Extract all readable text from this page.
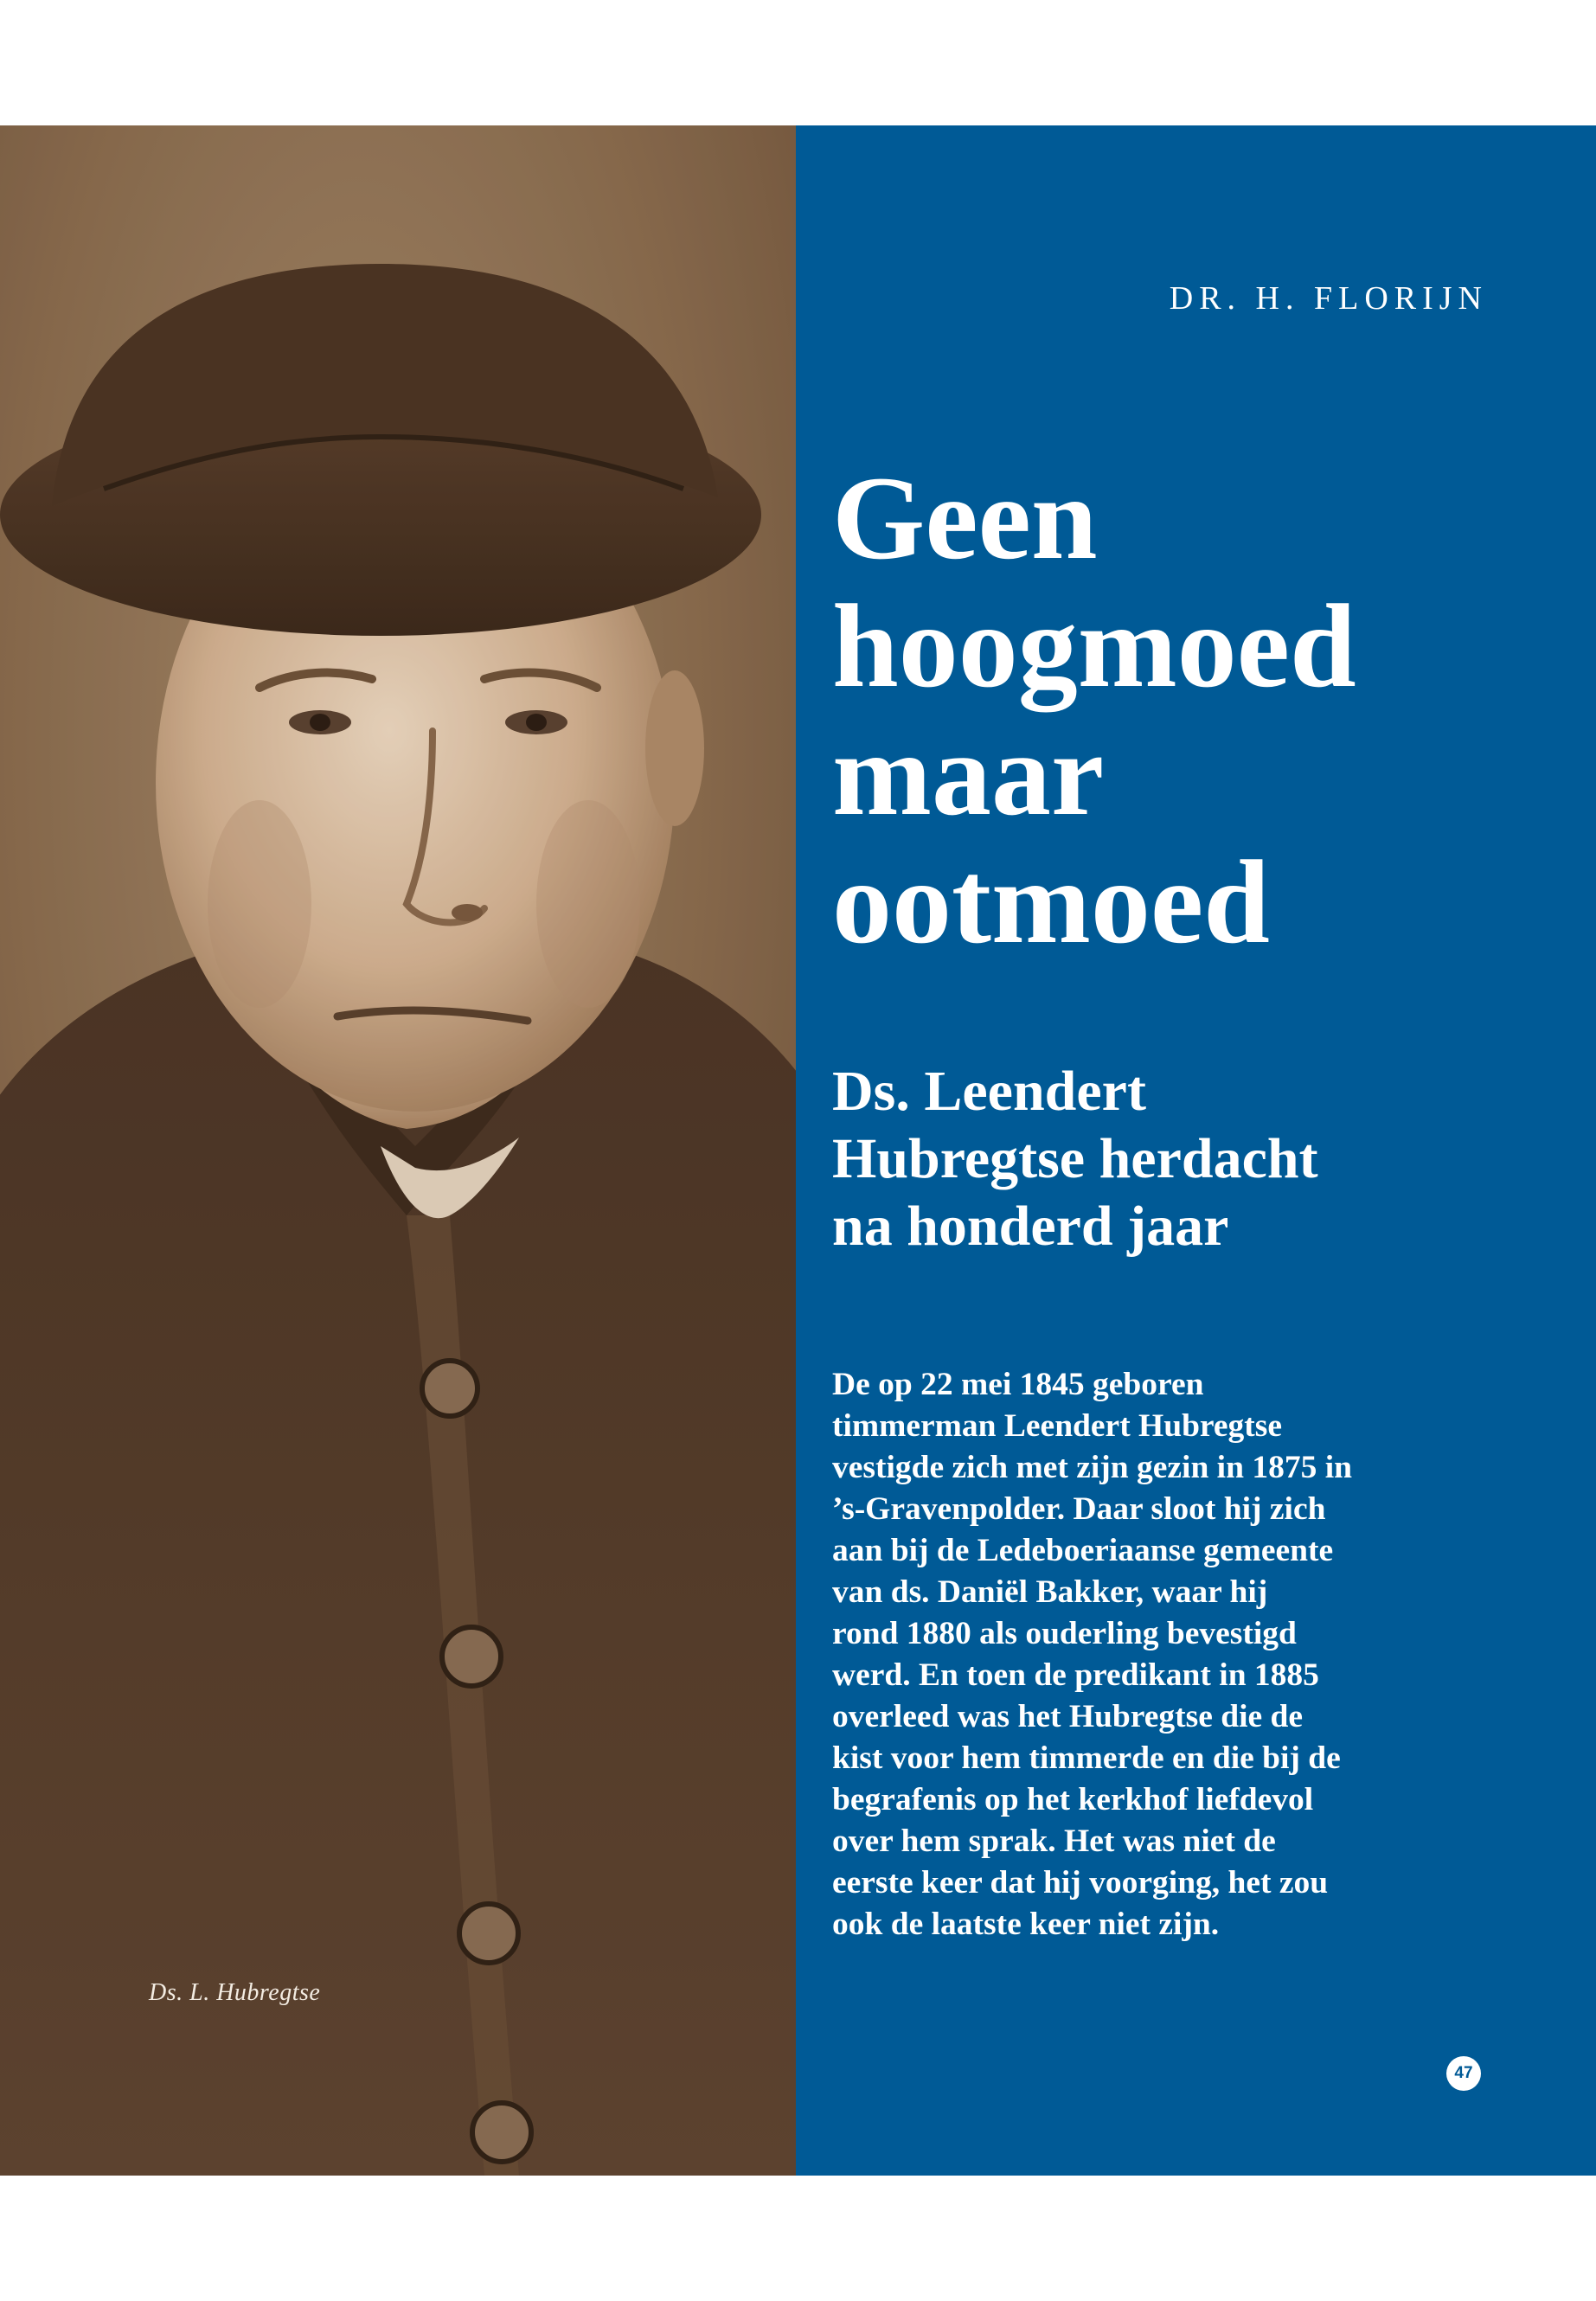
Ds. L. Hubregtse
DR. H. FLORIJN
Geen
hoogmoed
maar
ootmoed
Ds. Leendert
Hubregtse herdacht
na honderd jaar

De op 22 mei 1845 geboren
timmerman Leendert Hubregtse
vestigde zich met zijn gezin in 1875 in
’s-Gravenpolder. Daar sloot hij zich
aan bij de Ledeboeriaanse gemeente
van ds. Daniël Bakker, waar hij
rond 1880 als ouderling bevestigd
werd. En toen de predikant in 1885
overleed was het Hubregtse die de
kist voor hem timmerde en die bij de
begrafenis op het kerkhof liefdevol
over hem sprak. Het was niet de
eerste keer dat hij voorging, het zou
ook de laatste keer niet zijn.

47
